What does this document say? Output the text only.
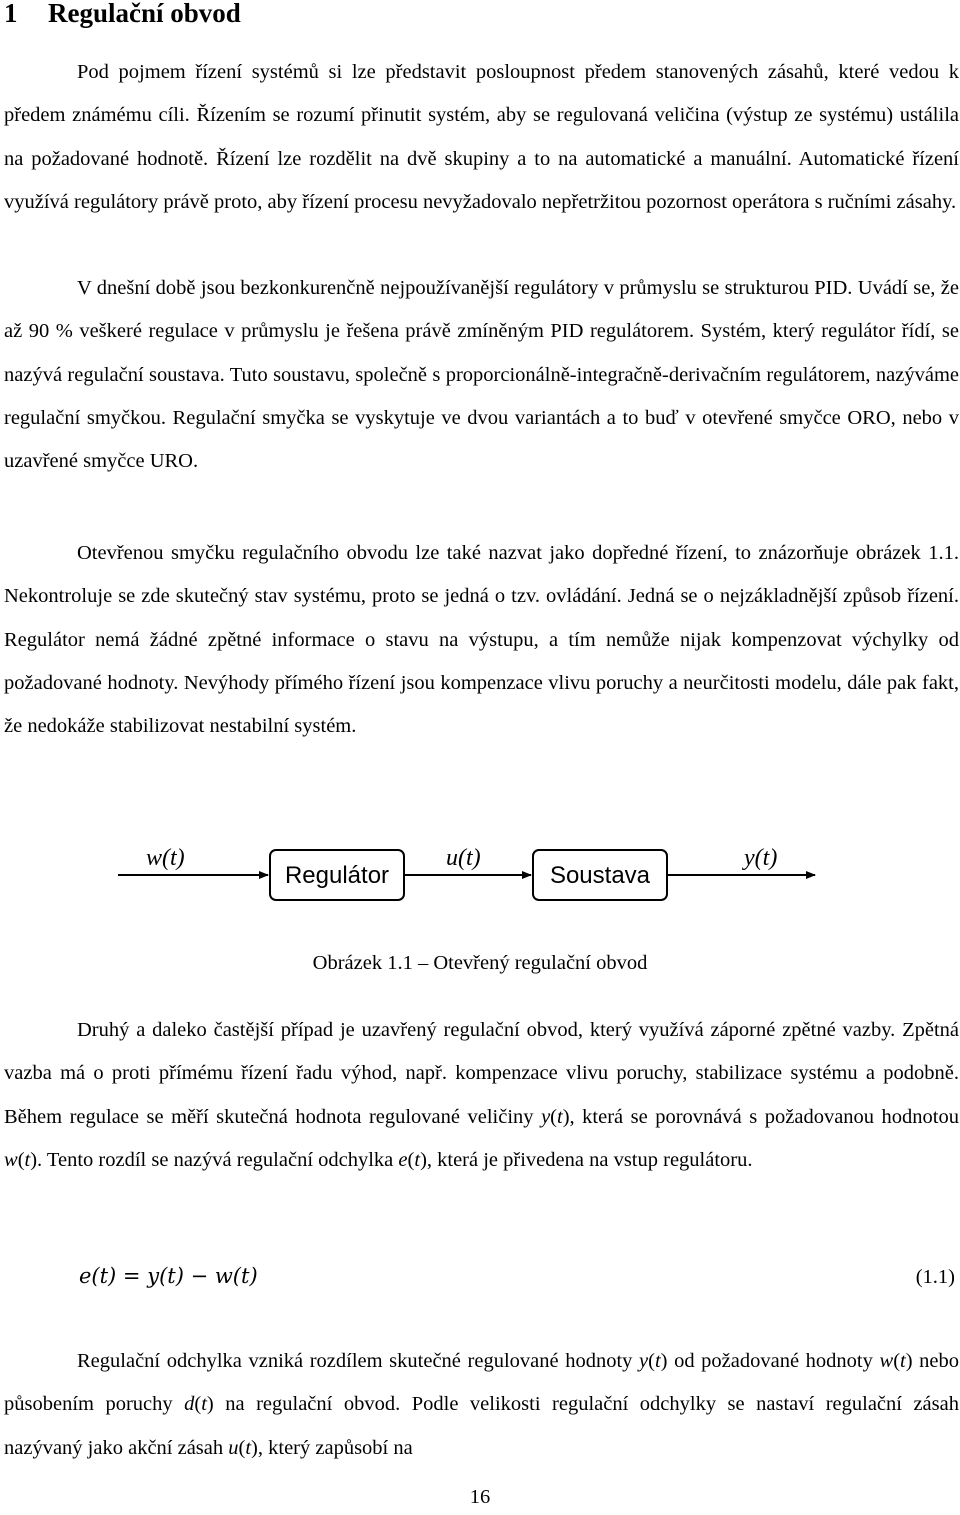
1 Regulační obvod

Pod pojmem řízení systémů si lze představit posloupnost předem stanovených zásahů, které vedou k předem známému cíli. Řízením se rozumí přinutit systém, aby se regulovaná veličina (výstup ze systému) ustálila na požadované hodnotě. Řízení lze rozdělit na dvě skupiny a to na automatické a manuální. Automatické řízení využívá regulátory právě proto, aby řízení procesu nevyžadovalo nepřetržitou pozornost operátora s ručními zásahy.

V dnešní době jsou bezkonkurenčně nejpoužívanější regulátory v průmyslu se strukturou PID. Uvádí se, že až 90 % veškeré regulace v průmyslu je řešena právě zmíněným PID regulátorem. Systém, který regulátor řídí, se nazývá regulační soustava. Tuto soustavu, společně s proporcionálně-integračně-derivačním regulátorem, nazýváme regulační smyčkou. Regulační smyčka se vyskytuje ve dvou variantách a to buď v otevřené smyčce ORO, nebo v uzavřené smyčce URO.

Otevřenou smyčku regulačního obvodu lze také nazvat jako dopředné řízení, to znázorňuje obrázek 1.1. Nekontroluje se zde skutečný stav systému, proto se jedná o tzv. ovládání. Jedná se o nejzákladnější způsob řízení. Regulátor nemá žádné zpětné informace o stavu na výstupu, a tím nemůže nijak kompenzovat výchylky od požadované hodnoty. Nevýhody přímého řízení jsou kompenzace vlivu poruchy a neurčitosti modelu, dále pak fakt, že nedokáže stabilizovat nestabilní systém.

w(t)
Regulátor
u(t)
Soustava
y(t)

Obrázek 1.1 – Otevřený regulační obvod

Druhý a daleko častější případ je uzavřený regulační obvod, který využívá záporné zpětné vazby. Zpětná vazba má o proti přímému řízení řadu výhod, např. kompenzace vlivu poruchy, stabilizace systému a podobně. Během regulace se měří skutečná hodnota regulované veličiny y(t), která se porovnává s požadovanou hodnotou w(t). Tento rozdíl se nazývá regulační odchylka e(t), která je přivedena na vstup regulátoru.

e(t) = y(t) − w(t)	(1.1)

Regulační odchylka vzniká rozdílem skutečné regulované hodnoty y(t) od požadované hodnoty w(t) nebo působením poruchy d(t) na regulační obvod. Podle velikosti regulační odchylky se nastaví regulační zásah nazývaný jako akční zásah u(t), který zapůsobí na

16
